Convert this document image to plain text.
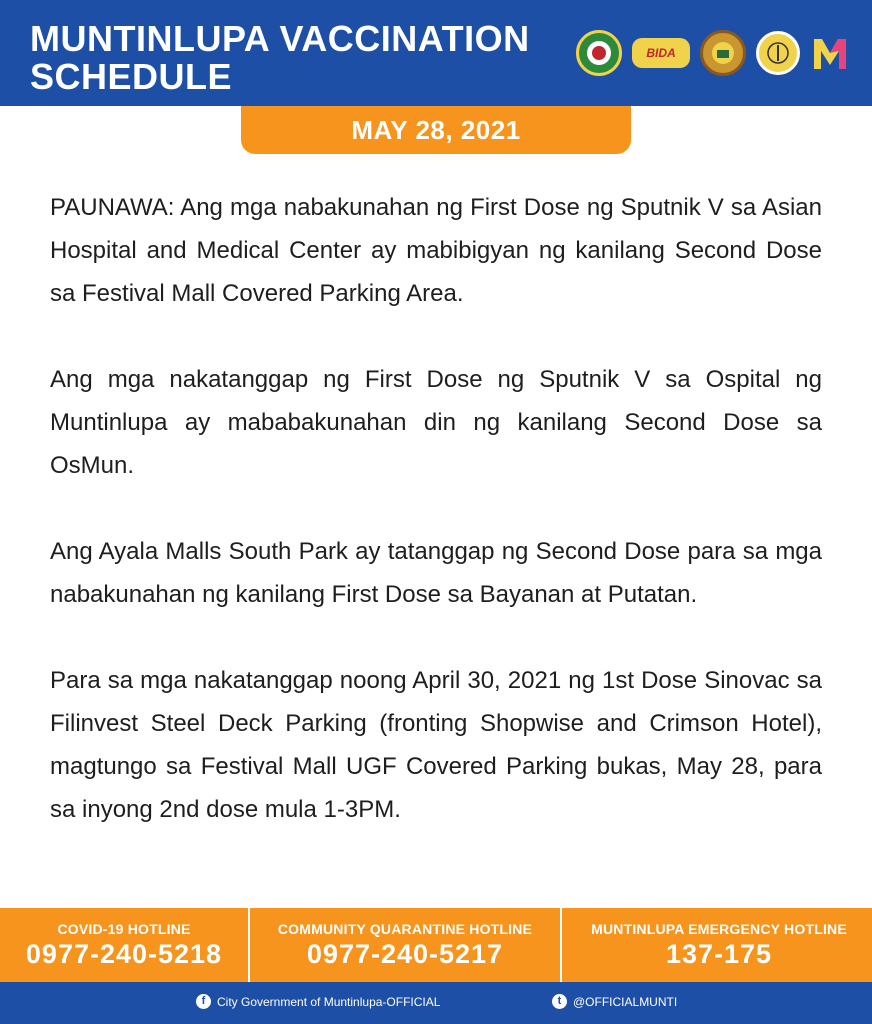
MUNTINLUPA VACCINATION
SCHEDULE
BIDA
MAY 28, 2021

PAUNAWA: Ang mga nabakunahan ng First Dose ng Sputnik V sa Asian Hospital and Medical Center ay mabibigyan ng kanilang Second Dose sa Festival Mall Covered Parking Area.

Ang mga nakatanggap ng First Dose ng Sputnik V sa Ospital ng Muntinlupa ay mababakunahan din ng kanilang Second Dose sa OsMun.

Ang Ayala Malls South Park ay tatanggap ng Second Dose para sa mga nabakunahan ng kanilang First Dose sa Bayanan at Putatan.

Para sa mga nakatanggap noong April 30, 2021 ng 1st Dose Sinovac sa Filinvest Steel Deck Parking (fronting Shopwise and Crimson Hotel), magtungo sa Festival Mall UGF Covered Parking bukas, May 28, para sa inyong 2nd dose mula 1-3PM.

COVID-19 HOTLINE
0977-240-5218
COMMUNITY QUARANTINE HOTLINE
0977-240-5217
MUNTINLUPA EMERGENCY HOTLINE
137-175
f City Government of Muntinlupa-OFFICIAL	t @OFFICIALMUNTI
